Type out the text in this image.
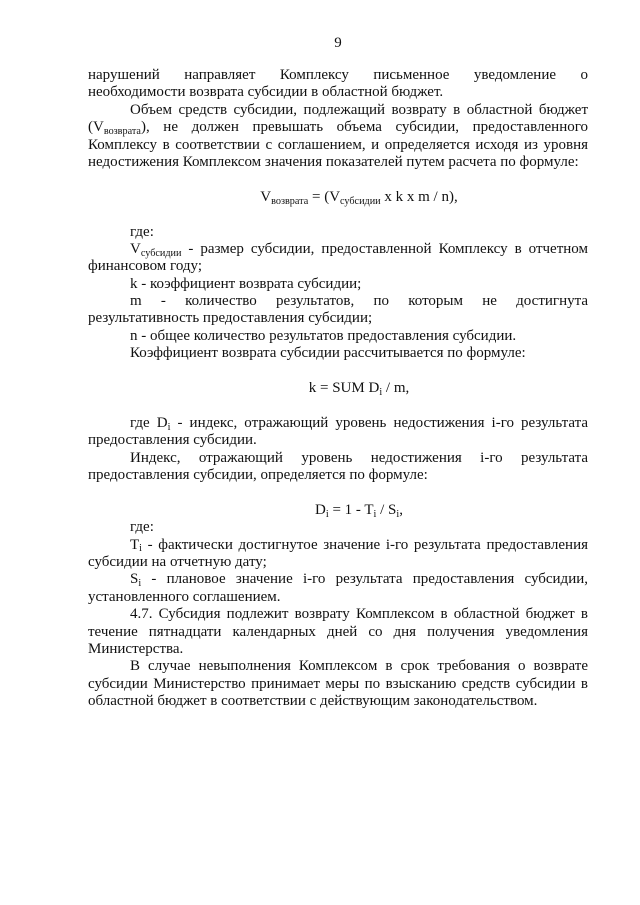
9
нарушений направляет Комплексу письменное уведомление о
необходимости возврата субсидии в областной бюджет.
Объем средств субсидии, подлежащий возврату в областной бюджет
(Vвозврата), не должен превышать объема субсидии, предоставленного
Комплексу в соответствии с соглашением, и определяется исходя из уровня
недостижения Комплексом значения показателей путем расчета по формуле:
Vвозврата = (Vсубсидии x k x m / n),
где:
Vсубсидии - размер субсидии, предоставленной Комплексу в отчетном
финансовом году;
k - коэффициент возврата субсидии;
m - количество результатов, по которым не достигнута
результативность предоставления субсидии;
n - общее количество результатов предоставления субсидии.
Коэффициент возврата субсидии рассчитывается по формуле:
k = SUM Di / m,
где Di - индекс, отражающий уровень недостижения i-го результата
предоставления субсидии.
Индекс, отражающий уровень недостижения i-го результата
предоставления субсидии, определяется по формуле:
Di = 1 - Ti / Si,
где:
Ti - фактически достигнутое значение i-го результата предоставления
субсидии на отчетную дату;
Si - плановое значение i-го результата предоставления субсидии,
установленного соглашением.
4.7. Субсидия подлежит возврату Комплексом в областной бюджет в
течение пятнадцати календарных дней со дня получения уведомления
Министерства.
В случае невыполнения Комплексом в срок требования о возврате
субсидии Министерство принимает меры по взысканию средств субсидии в
областной бюджет в соответствии с действующим законодательством.
